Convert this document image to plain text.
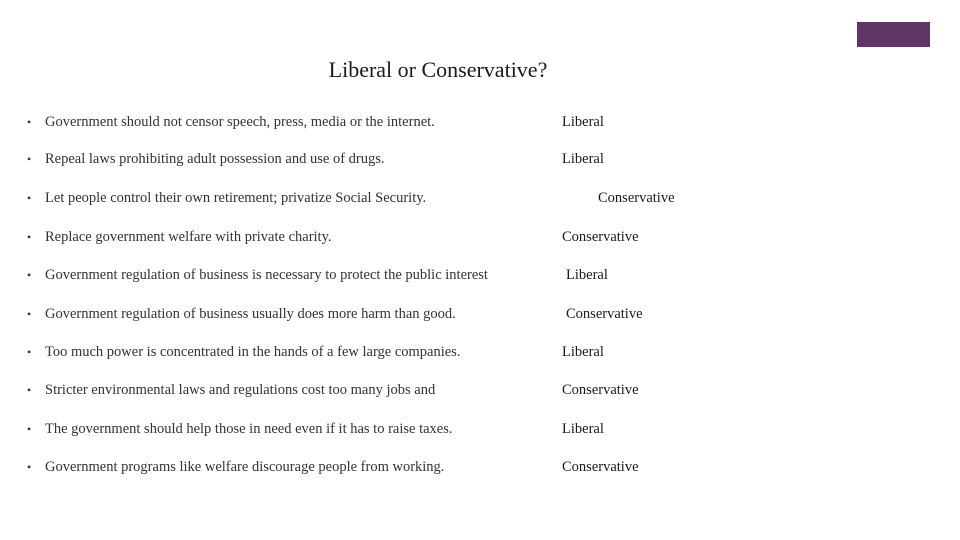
Liberal or Conservative?
• Government should not censor speech, press, media or the internet.	Liberal
• Repeal laws prohibiting adult possession and use of drugs.	Liberal
• Let people control their own retirement; privatize Social Security.	Conservative
• Replace government welfare with private charity.	Conservative
• Government regulation of business is necessary to protect the public interest	Liberal
• Government regulation of business usually does more harm than good.	Conservative
• Too much power is concentrated in the hands of a few large companies.	Liberal
• Stricter environmental laws and regulations cost too many jobs and	Conservative
• The government should help those in need even if it has to raise taxes.	Liberal
• Government programs like welfare discourage people from working.	Conservative
